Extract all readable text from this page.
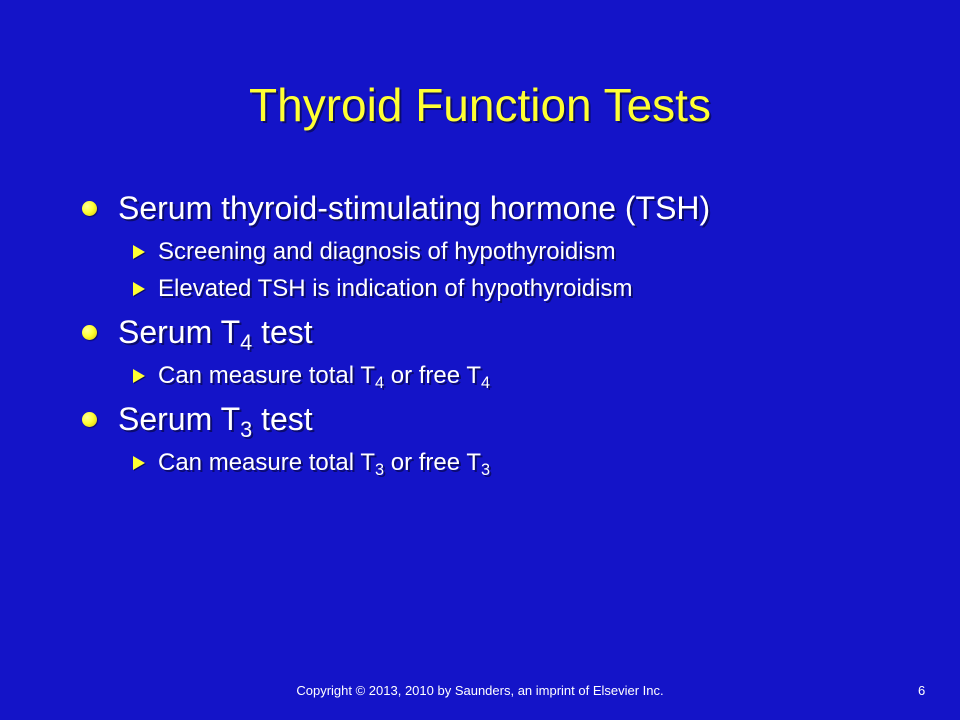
Thyroid Function Tests
Serum thyroid-stimulating hormone (TSH)
Screening and diagnosis of hypothyroidism
Elevated TSH is indication of hypothyroidism
Serum $T_4$ test
Can measure total $T_4$ or free $T_4$
Serum $T_3$ test
Can measure total $T_3$ or free $T_3$
Copyright © 2013, 2010 by Saunders, an imprint of Elsevier Inc.	6
